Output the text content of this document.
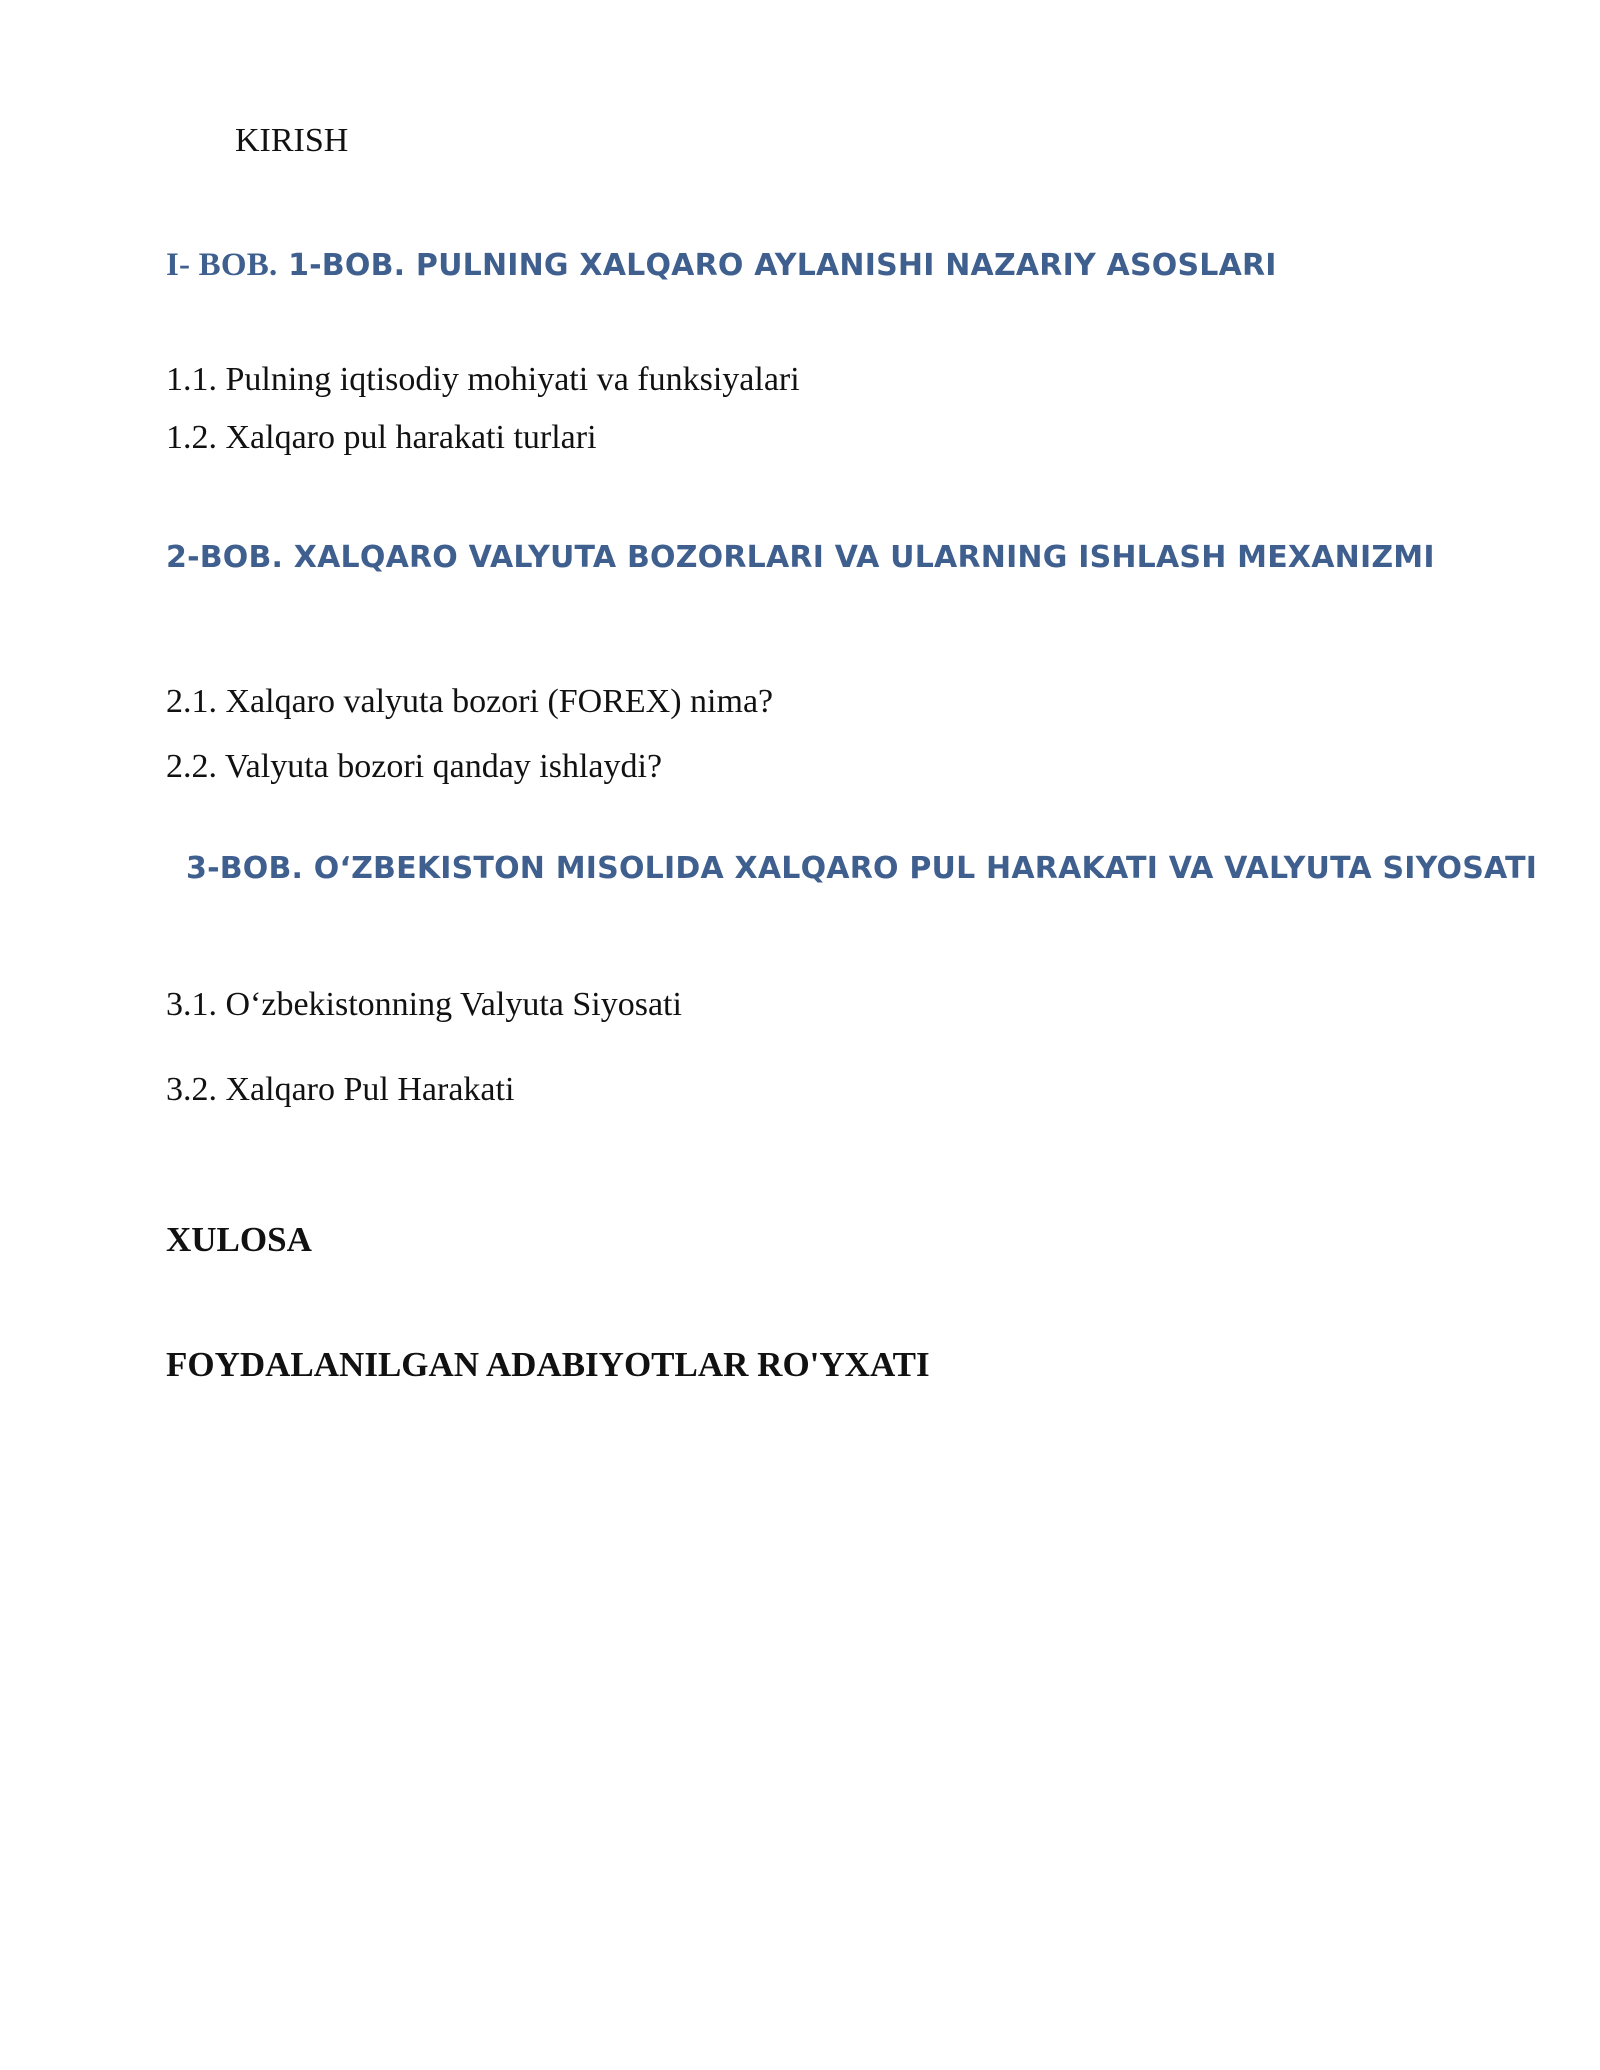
KIRISH
I- BOB. 1-BOB. PULNING XALQARO AYLANISHI NAZARIY ASOSLARI
1.1. Pulning iqtisodiy mohiyati va funksiyalari
1.2. Xalqaro pul harakati turlari
2-BOB. XALQARO VALYUTA BOZORLARI VA ULARNING ISHLASH MEXANIZMI
2.1. Xalqaro valyuta bozori (FOREX) nima?
2.2. Valyuta bozori qanday ishlaydi?
3-BOB. O‘ZBEKISTON MISOLIDA XALQARO PUL HARAKATI VA VALYUTA SIYOSATI
3.1. O‘zbekistonning Valyuta Siyosati
3.2. Xalqaro Pul Harakati
XULOSA
FOYDALANILGAN ADABIYOTLAR RO'YXATI
